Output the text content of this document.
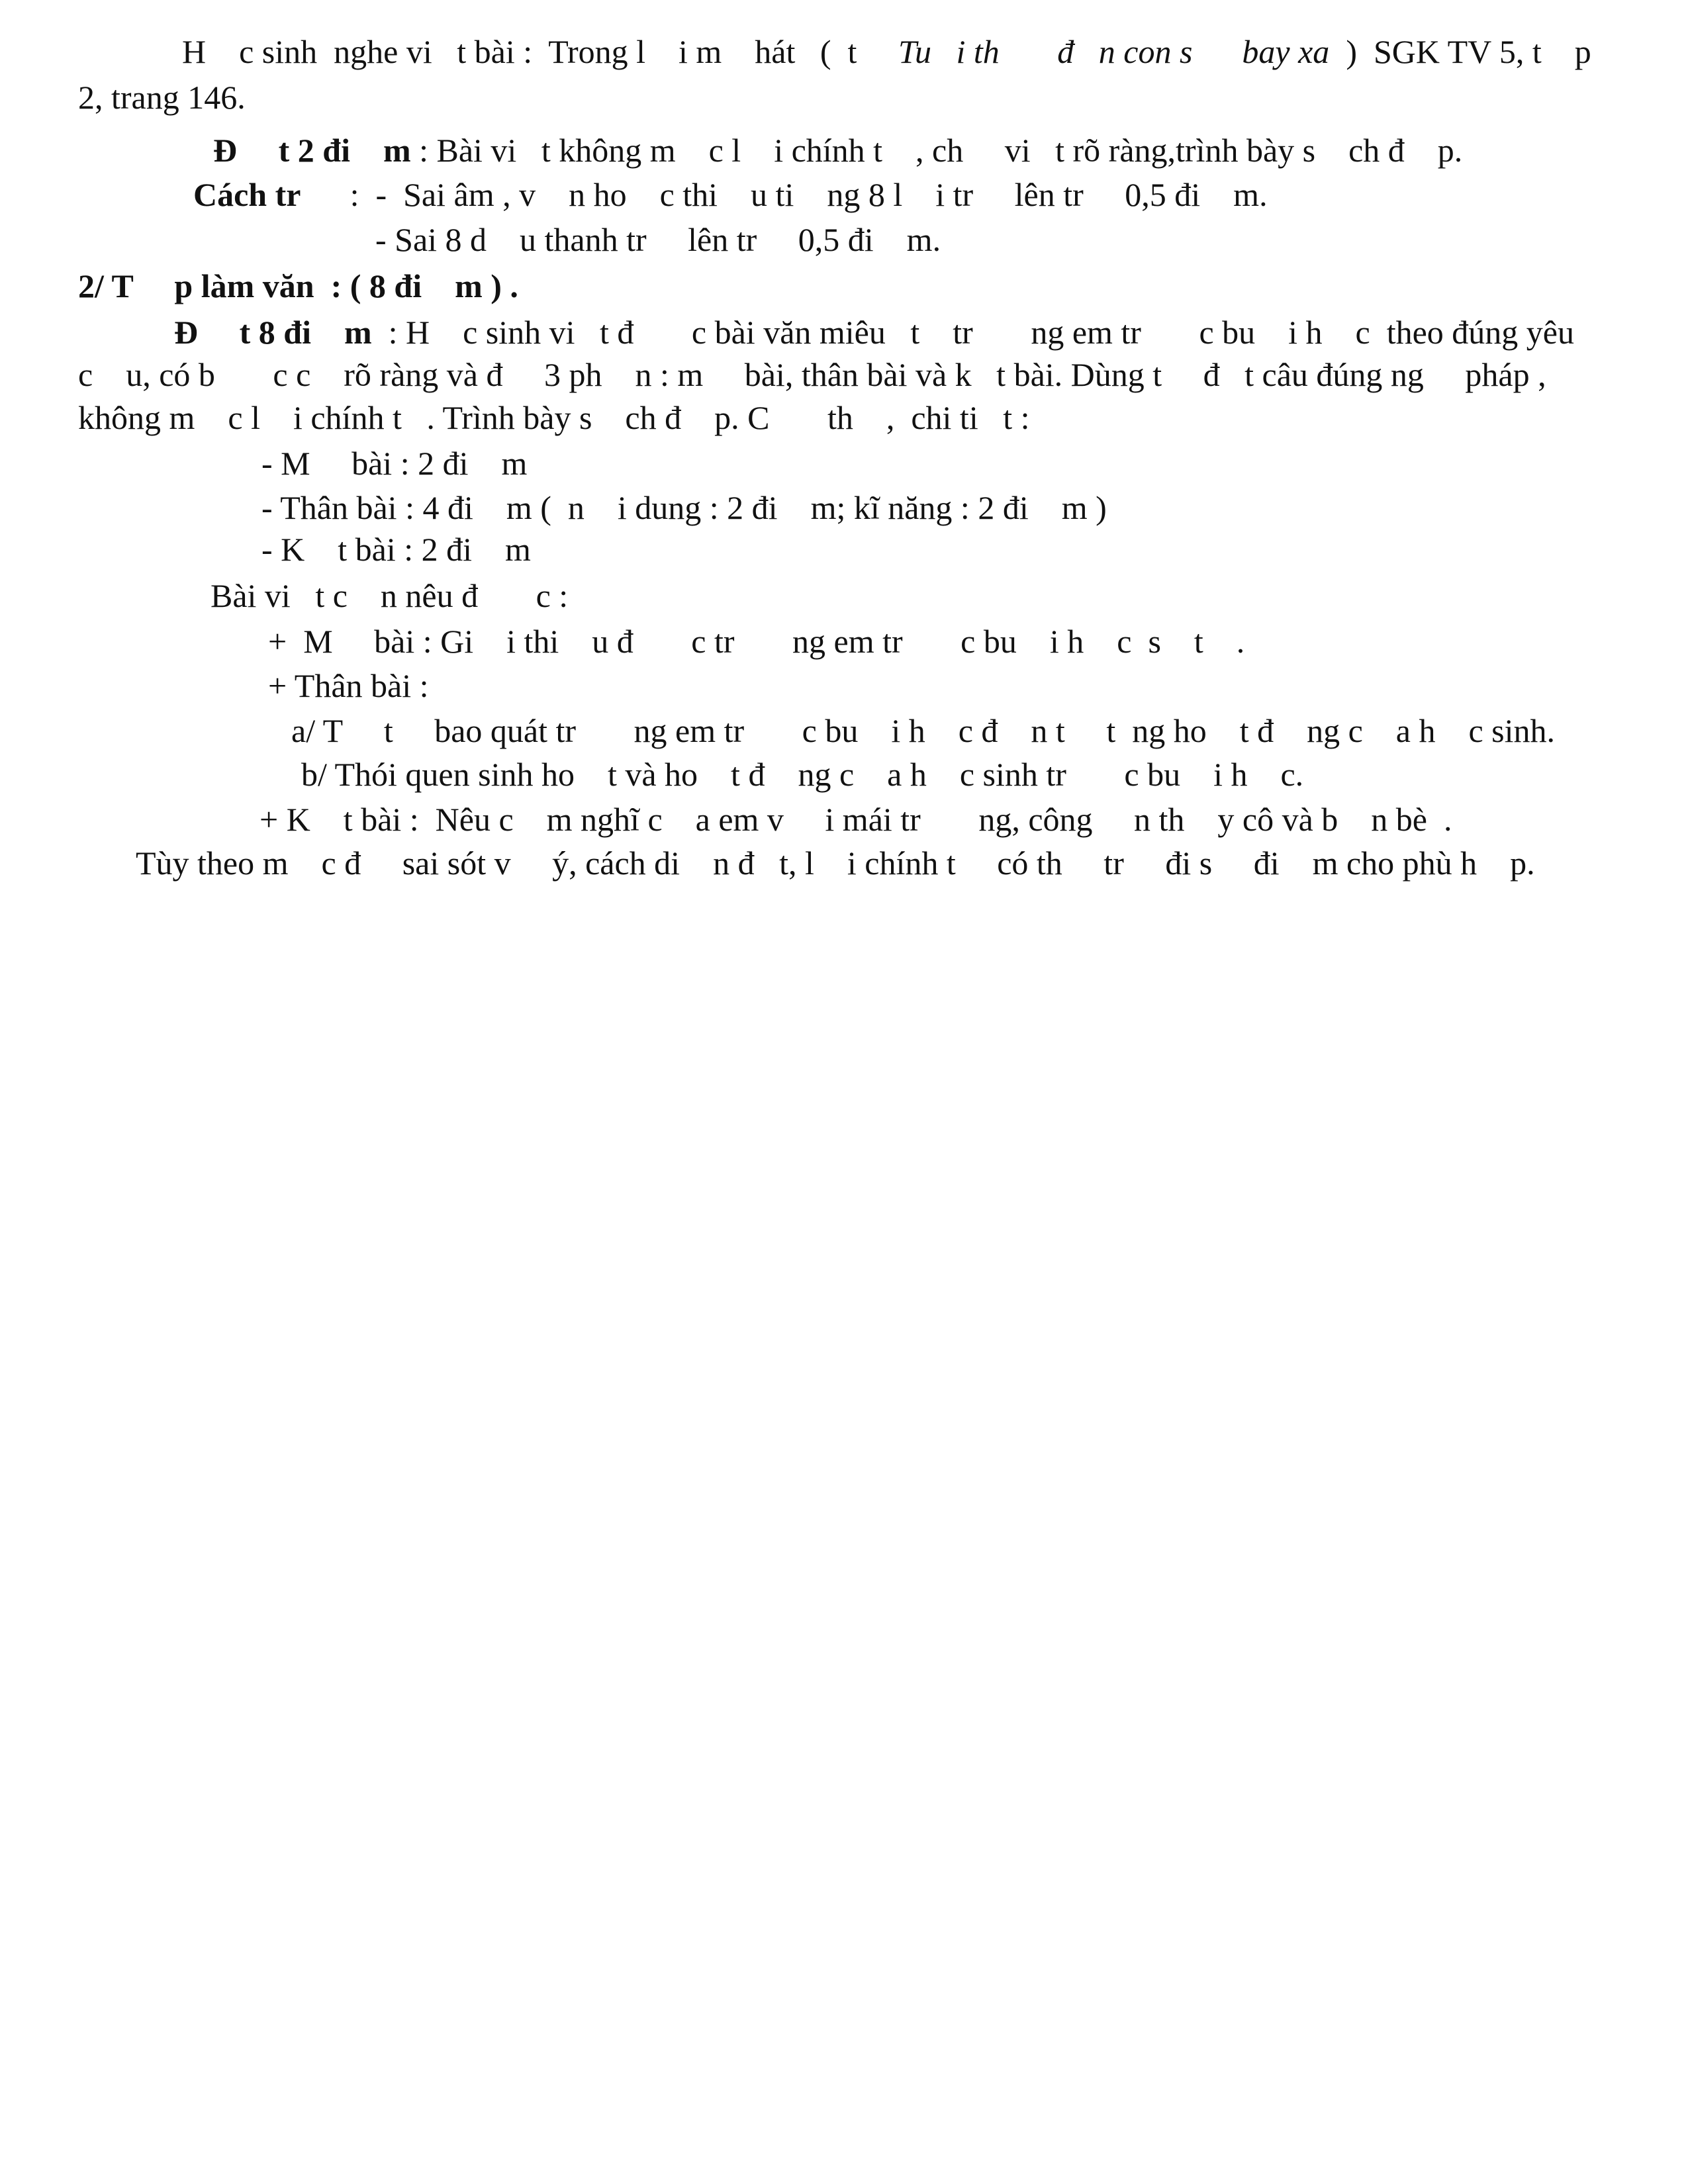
H    c sinh  nghe vi   t bài :  Trong l    i m    hát   (  t     Tu   i th       đ   n con s      bay xa  )  SGK TV 5, t    p
2, trang 146.
Đ     t 2 đi    m : Bài vi   t không m    c l    i chính t    , ch     vi   t rõ ràng,trình bày s    ch đ    p.
Cách tr      :  -  Sai âm , v    n ho    c thi    u ti    ng 8 l    i tr     lên tr     0,5 đi    m.
- Sai 8 d    u thanh tr     lên tr     0,5 đi    m.
2/ T     p làm văn  : ( 8 đi    m ) .
Đ     t 8 đi    m  : H    c sinh vi   t đ       c bài văn miêu   t    tr       ng em tr       c bu    i h    c  theo đúng yêu
c    u, có b       c c    rõ ràng và đ     3 ph    n : m     bài, thân bài và k   t bài. Dùng t     đ   t câu đúng ng     pháp ,
không m    c l    i chính t   . Trình bày s    ch đ    p. C       th    ,  chi ti   t :
- M     bài : 2 đi    m
- Thân bài : 4 đi    m (  n    i dung : 2 đi    m; kĩ năng : 2 đi    m )
- K    t bài : 2 đi    m
Bài vi   t c    n nêu đ       c :
+  M     bài : Gi    i thi    u đ       c tr       ng em tr       c bu    i h    c  s    t    .
+ Thân bài :
a/ T     t     bao quát tr       ng em tr       c bu    i h    c đ    n t     t  ng ho    t đ    ng c    a h    c sinh.
b/ Thói quen sinh ho    t và ho    t đ    ng c    a h    c sinh tr       c bu    i h    c.
+ K    t bài :  Nêu c    m nghĩ c    a em v     i mái tr       ng, công     n th    y cô và b    n bè  .
Tùy theo m    c đ     sai sót v     ý, cách di    n đ   t, l    i chính t     có th     tr     đi s     đi    m cho phù h    p.
